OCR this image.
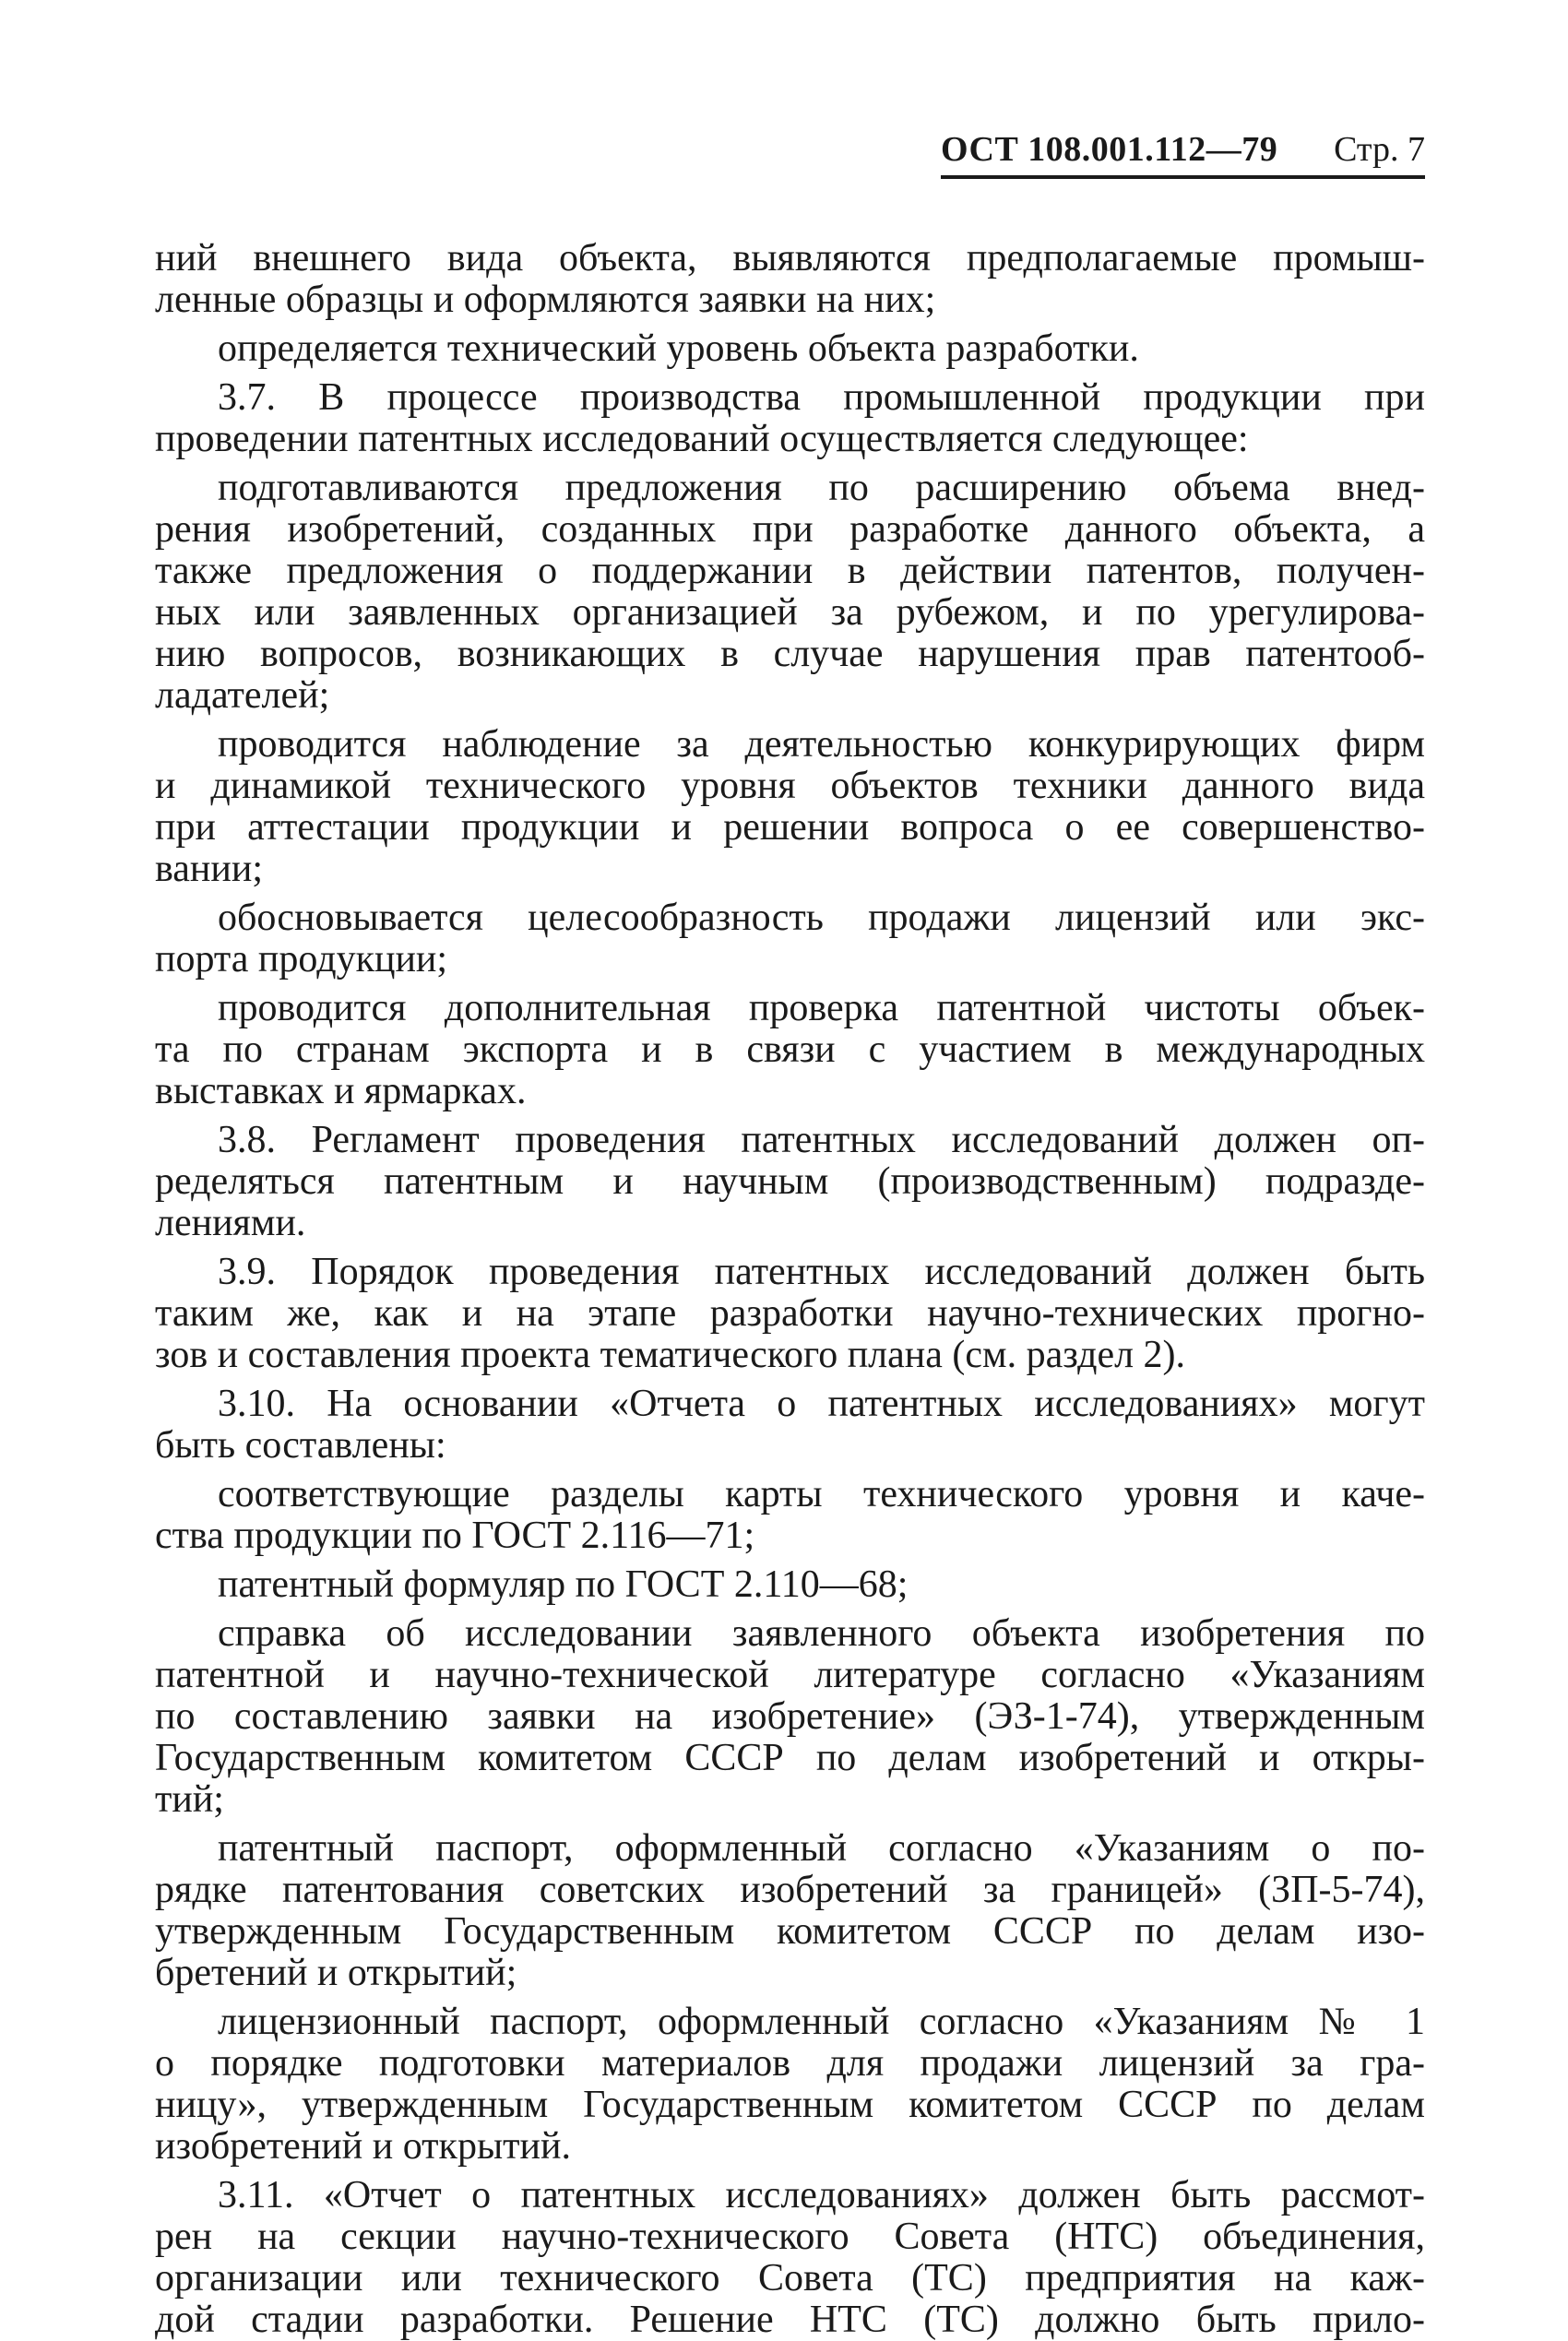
ОСТ 108.001.112—79 Стр. 7
ний внешнего вида объекта, выявляются предполагаемые промыш-
ленные образцы и оформляются заявки на них;
определяется технический уровень объекта разработки.
3.7. В процессе производства промышленной продукции при
проведении патентных исследований осуществляется следующее:
подготавливаются предложения по расширению объема внед-
рения изобретений, созданных при разработке данного объекта, а
также предложения о поддержании в действии патентов, получен-
ных или заявленных организацией за рубежом, и по урегулирова-
нию вопросов, возникающих в случае нарушения прав патентооб-
ладателей;
проводится наблюдение за деятельностью конкурирующих фирм
и динамикой технического уровня объектов техники данного вида
при аттестации продукции и решении вопроса о ее совершенство-
вании;
обосновывается целесообразность продажи лицензий или экс-
порта продукции;
проводится дополнительная проверка патентной чистоты объек-
та по странам экспорта и в связи с участием в международных
выставках и ярмарках.
3.8. Регламент проведения патентных исследований должен оп-
ределяться патентным и научным (производственным) подразде-
лениями.
3.9. Порядок проведения патентных исследований должен быть
таким же, как и на этапе разработки научно-технических прогно-
зов и составления проекта тематического плана (см. раздел 2).
3.10. На основании «Отчета о патентных исследованиях» могут
быть составлены:
соответствующие разделы карты технического уровня и каче-
ства продукции по ГОСТ 2.116—71;
патентный формуляр по ГОСТ 2.110—68;
справка об исследовании заявленного объекта изобретения по
патентной и научно-технической литературе согласно «Указаниям
по составлению заявки на изобретение» (ЭЗ-1-74), утвержденным
Государственным комитетом СССР по делам изобретений и откры-
тий;
патентный паспорт, оформленный согласно «Указаниям о по-
рядке патентования советских изобретений за границей» (ЗП-5-74),
утвержденным Государственным комитетом СССР по делам изо-
бретений и открытий;
лицензионный паспорт, оформленный согласно «Указаниям № 1
о порядке подготовки материалов для продажи лицензий за гра-
ницу», утвержденным Государственным комитетом СССР по делам
изобретений и открытий.
3.11. «Отчет о патентных исследованиях» должен быть рассмот-
рен на секции научно-технического Совета (НТС) объединения,
организации или технического Совета (ТС) предприятия на каж-
дой стадии разработки. Решение НТС (ТС) должно быть прило-
